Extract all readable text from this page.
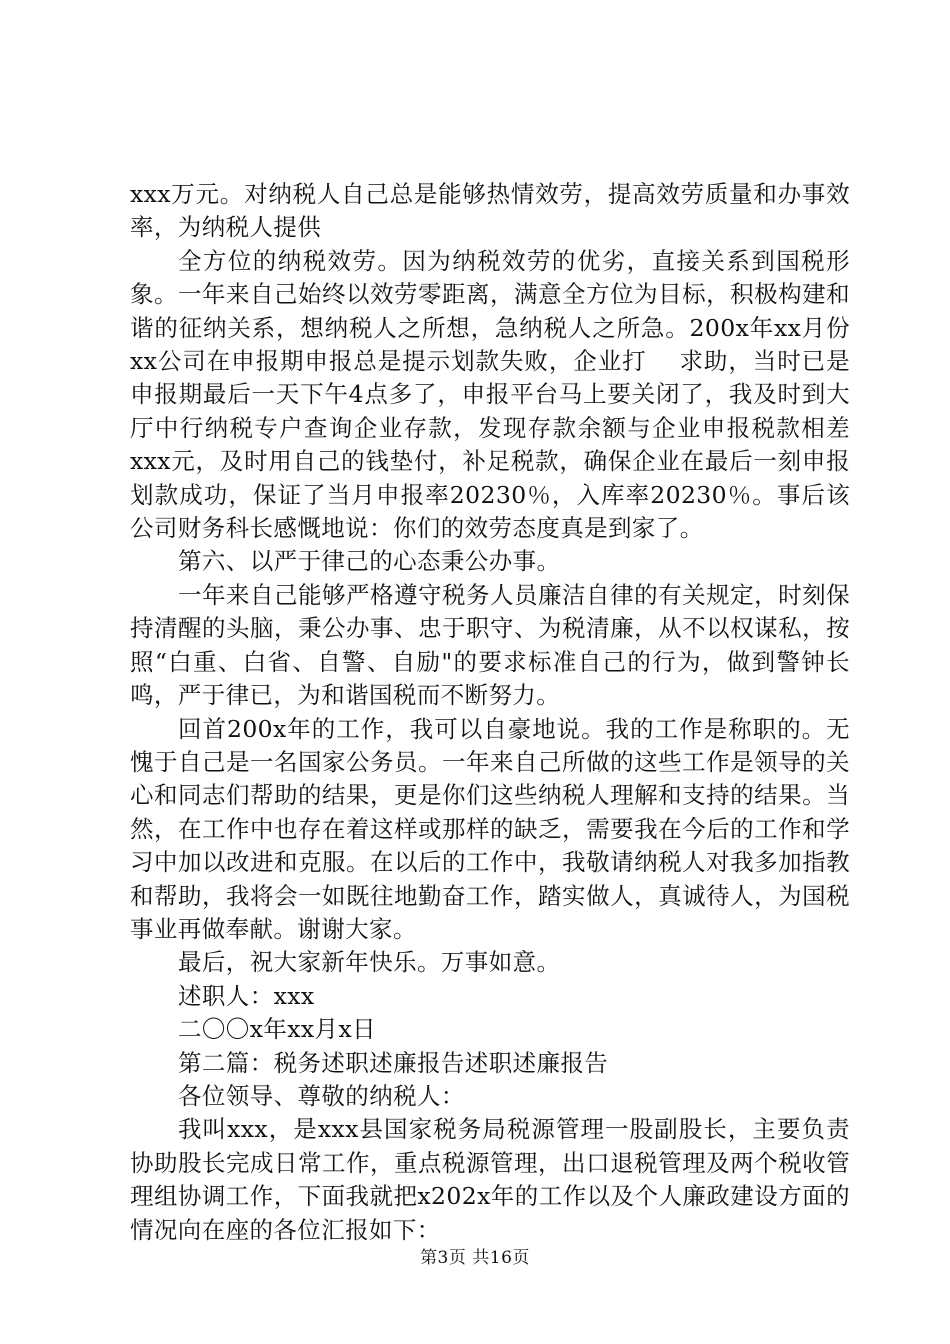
xxx万元。对纳税人自己总是能够热情效劳，提高效劳质量和办事效率，为纳税人提供

全方位的纳税效劳。因为纳税效劳的优劣，直接关系到国税形象。一年来自己始终以效劳零距离，满意全方位为目标，积极构建和谐的征纳关系，想纳税人之所想，急纳税人之所急。200x年xx月份xx公司在申报期申报总是提示划款失败，企业打　 求助，当时已是申报期最后一天下午4点多了，申报平台马上要关闭了，我及时到大厅中行纳税专户查询企业存款，发现存款余额与企业申报税款相差xxx元，及时用自己的钱垫付，补足税款，确保企业在最后一刻申报划款成功，保证了当月申报率20230％，入库率20230％。事后该公司财务科长感慨地说：你们的效劳态度真是到家了。

第六、以严于律己的心态秉公办事。

一年来自己能够严格遵守税务人员廉洁自律的有关规定，时刻保持清醒的头脑，秉公办事、忠于职守、为税清廉，从不以权谋私，按照“白重、白省、自警、自励"的要求标准自己的行为，做到警钟长鸣，严于律已，为和谐国税而不断努力。

回首200x年的工作，我可以自豪地说。我的工作是称职的。无愧于自己是一名国家公务员。一年来自己所做的这些工作是领导的关心和同志们帮助的结果，更是你们这些纳税人理解和支持的结果。当然，在工作中也存在着这样或那样的缺乏，需要我在今后的工作和学习中加以改进和克服。在以后的工作中，我敬请纳税人对我多加指教和帮助，我将会一如既往地勤奋工作，踏实做人，真诚待人，为国税事业再做奉献。谢谢大家。

最后，祝大家新年快乐。万事如意。

述职人：xxx

二〇〇x年xx月x日

第二篇：税务述职述廉报告述职述廉报告

各位领导、尊敬的纳税人：

我叫xxx，是xxx县国家税务局税源管理一股副股长，主要负责协助股长完成日常工作，重点税源管理，出口退税管理及两个税收管理组协调工作，下面我就把x202x年的工作以及个人廉政建设方面的情况向在座的各位汇报如下：

第3页 共16页
